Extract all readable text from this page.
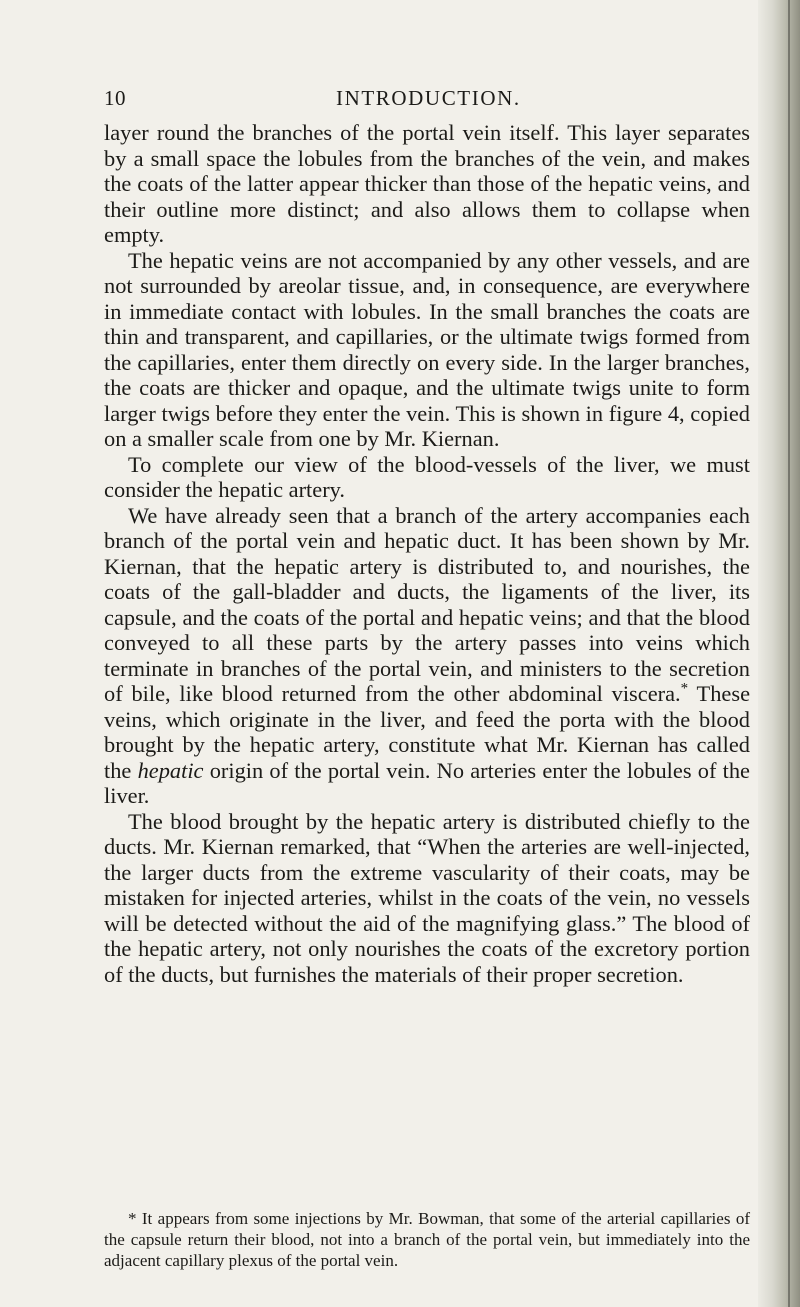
10	INTRODUCTION.

layer round the branches of the portal vein itself. This layer separates by a small space the lobules from the branches of the vein, and makes the coats of the latter appear thicker than those of the hepatic veins, and their outline more distinct; and also allows them to collapse when empty.

The hepatic veins are not accompanied by any other vessels, and are not surrounded by areolar tissue, and, in consequence, are everywhere in immediate contact with lobules. In the small branches the coats are thin and transparent, and capillaries, or the ultimate twigs formed from the capillaries, enter them directly on every side. In the larger branches, the coats are thicker and opaque, and the ultimate twigs unite to form larger twigs before they enter the vein. This is shown in figure 4, copied on a smaller scale from one by Mr. Kiernan.

To complete our view of the blood-vessels of the liver, we must consider the hepatic artery.

We have already seen that a branch of the artery accompanies each branch of the portal vein and hepatic duct. It has been shown by Mr. Kiernan, that the hepatic artery is distributed to, and nourishes, the coats of the gall-bladder and ducts, the ligaments of the liver, its capsule, and the coats of the portal and hepatic veins; and that the blood conveyed to all these parts by the artery passes into veins which terminate in branches of the portal vein, and ministers to the secretion of bile, like blood returned from the other abdominal viscera.* These veins, which originate in the liver, and feed the porta with the blood brought by the hepatic artery, constitute what Mr. Kiernan has called the hepatic origin of the portal vein. No arteries enter the lobules of the liver.

The blood brought by the hepatic artery is distributed chiefly to the ducts. Mr. Kiernan remarked, that “When the arteries are well-injected, the larger ducts from the extreme vascularity of their coats, may be mistaken for injected arteries, whilst in the coats of the vein, no vessels will be detected without the aid of the magnifying glass.” The blood of the hepatic artery, not only nourishes the coats of the excretory portion of the ducts, but furnishes the materials of their proper secretion.

* It appears from some injections by Mr. Bowman, that some of the arterial capillaries of the capsule return their blood, not into a branch of the portal vein, but immediately into the adjacent capillary plexus of the portal vein.
